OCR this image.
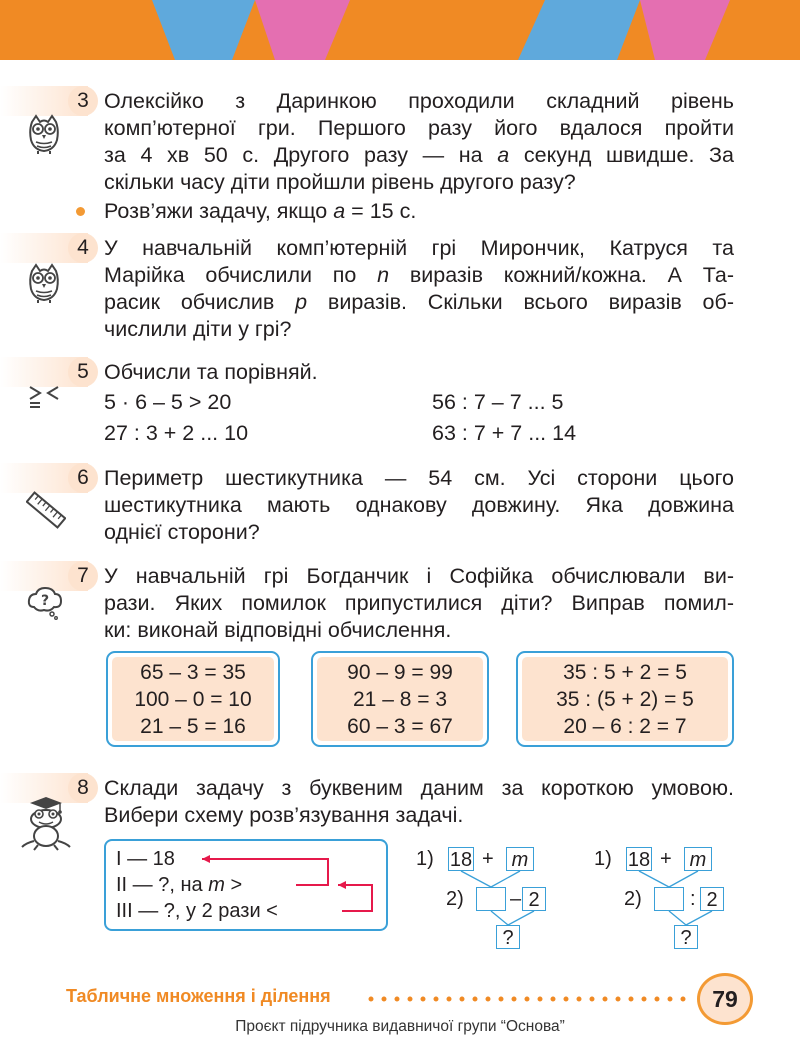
3 Олексійко з Даринкою проходили складний рівень
комп’ютерної гри. Першого разу його вдалося пройти
за 4 хв 50 с. Другого разу — на а секунд швидше. За
скільки часу діти пройшли рівень другого разу?
Розв’яжи задачу, якщо а = 15 с.
4 У навчальній комп’ютерній грі Мирончик, Катруся та
Марійка обчислили по n виразів кожний/кожна. А Та-
расик обчислив p виразів. Скільки всього виразів об-
числили діти у грі?
5 Обчисли та порівняй.
5 · 6 – 5 > 20	56 : 7 – 7 ... 5
27 : 3 + 2 ... 10	63 : 7 + 7 ... 14
6 Периметр шестикутника — 54 см. Усі сторони цього
шестикутника мають однакову довжину. Яка довжина
однієї сторони?
7
?
У навчальній грі Богданчик і Софійка обчислювали ви-
рази. Яких помилок припустилися діти? Виправ помил-
ки: виконай відповідні обчислення.
65 – 3 = 35
100 – 0 = 10
21 – 5 = 16
90 – 9 = 99
21 – 8 = 3
60 – 3 = 67
35 : 5 + 2 = 5
35 : (5 + 2) = 5
20 – 6 : 2 = 7
8 Склади задачу з буквеним даним за короткою умовою.
Вибери схему розв’язування задачі.
І — 18
ІІ — ?, на m >
ІІІ — ?, у 2 рази <
1) 18 + m
2) – 2
?
1) 18 + m
2) : 2
?
Табличне множення і ділення	79
Проєкт підручника видавничої групи “Основа”
